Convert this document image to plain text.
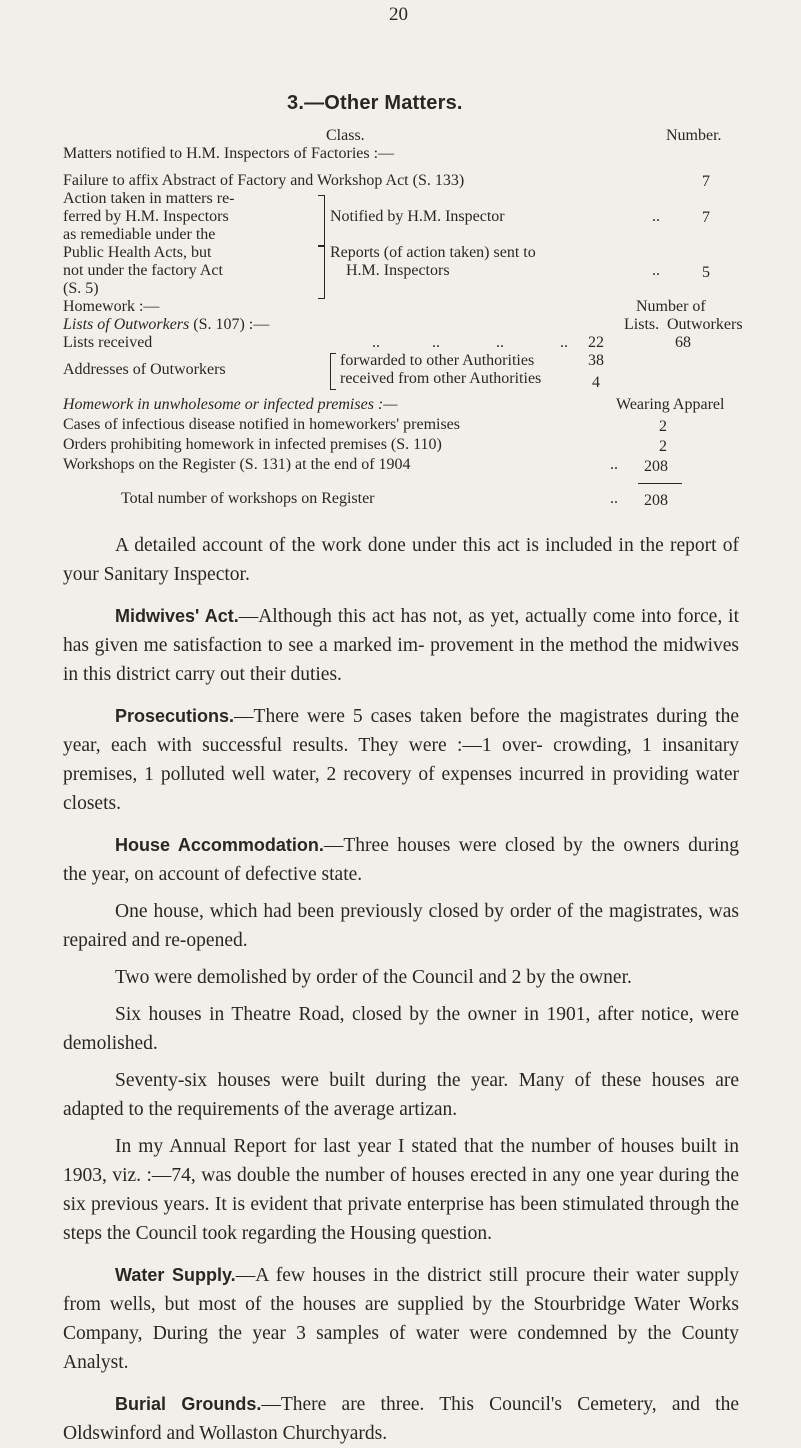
20
3.—Other Matters.
Class.	Number.
Matters notified to H.M. Inspectors of Factories :—
Failure to affix Abstract of Factory and Workshop Act (S. 133)	7
Action taken in matters re-
ferred by H.M. Inspectors
as remediable under the
Public Health Acts, but
not under the factory Act
(S. 5)
Notified by H.M. Inspector	..	7
Reports (of action taken) sent to
H.M. Inspectors	..	5
Homework :—	Number of
Lists of Outworkers (S. 107) :—	Lists. Outworkers
Lists received	..	..	..	.. 22	68
Addresses of Outworkers
forwarded to other Authorities	38
received from other Authorities	4
Homework in unwholesome or infected premises :—	Wearing Apparel
Cases of infectious disease notified in homeworkers' premises	2
Orders prohibiting homework in infected premises (S. 110)	2
Workshops on the Register (S. 131) at the end of 1904	.. 208
Total number of workshops on Register	.. 208

A detailed account of the work done under this act is included in the report of your Sanitary Inspector.

Midwives' Act.—Although this act has not, as yet, actually come into force, it has given me satisfaction to see a marked im- provement in the method the midwives in this district carry out their duties.

Prosecutions.—There were 5 cases taken before the magistrates during the year, each with successful results. They were :—1 over- crowding, 1 insanitary premises, 1 polluted well water, 2 recovery of expenses incurred in providing water closets.

House Accommodation.—Three houses were closed by the owners during the year, on account of defective state.

One house, which had been previously closed by order of the magistrates, was repaired and re-opened.

Two were demolished by order of the Council and 2 by the owner.

Six houses in Theatre Road, closed by the owner in 1901, after notice, were demolished.

Seventy-six houses were built during the year. Many of these houses are adapted to the requirements of the average artizan.

In my Annual Report for last year I stated that the number of houses built in 1903, viz. :—74, was double the number of houses erected in any one year during the six previous years. It is evident that private enterprise has been stimulated through the steps the Council took regarding the Housing question.

Water Supply.—A few houses in the district still procure their water supply from wells, but most of the houses are supplied by the Stourbridge Water Works Company, During the year 3 samples of water were condemned by the County Analyst.

Burial Grounds.—There are three. This Council's Cemetery, and the Oldswinford and Wollaston Churchyards.
